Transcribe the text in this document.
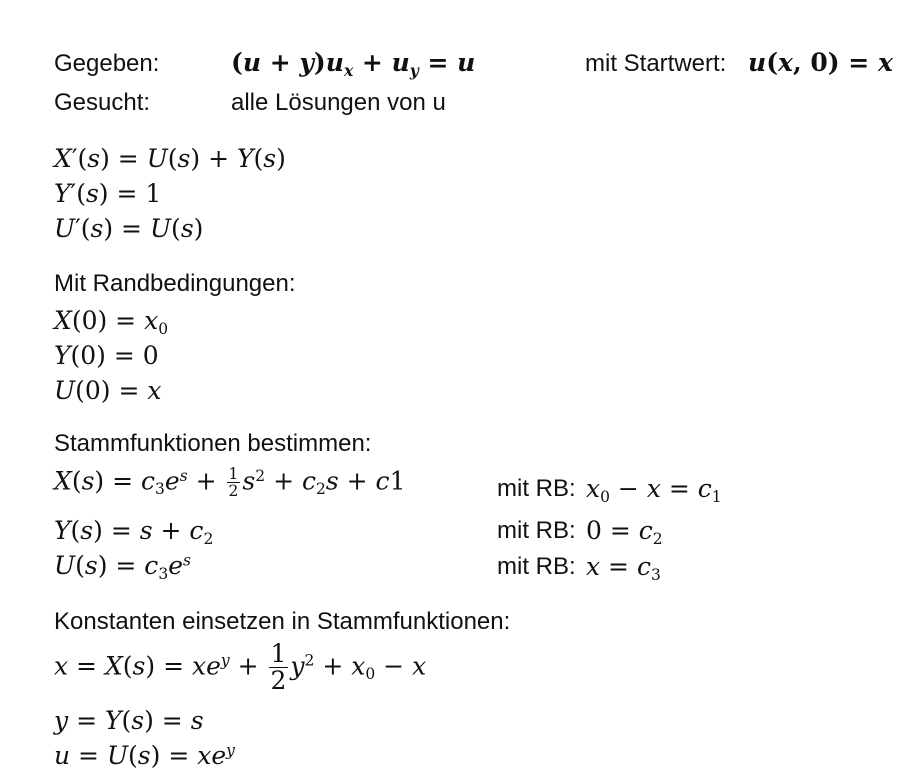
Gegeben:	$(u + y)u_x + u_y = u$	mit Startwert: u(x, 0) = x
Gesucht:	alle Lösungen von u
X′(s) = U(s) + Y(s)
Y′(s) = 1
U′(s) = U(s)
Mit Randbedingungen:
$X(0) = x_0$
Y(0) = 0
U(0) = x
Stammfunktionen bestimmen:
$X(s) = c_3e^s + \frac{1}{2} s^2 + c_2s + c1$	mit RB: $x_0 - x = c_1$
$Y(s) = s + c_2$	mit RB: $0 = c_2$
$U(s) = c_3e^s$	mit RB: $x = c_3$
Konstanten einsetzen in Stammfunktionen:
$x = X(s) = xe^y + \frac{1}{2} y^2 + x_0 - x$
y = Y(s) = s
$u = U(s) = xe^y$
